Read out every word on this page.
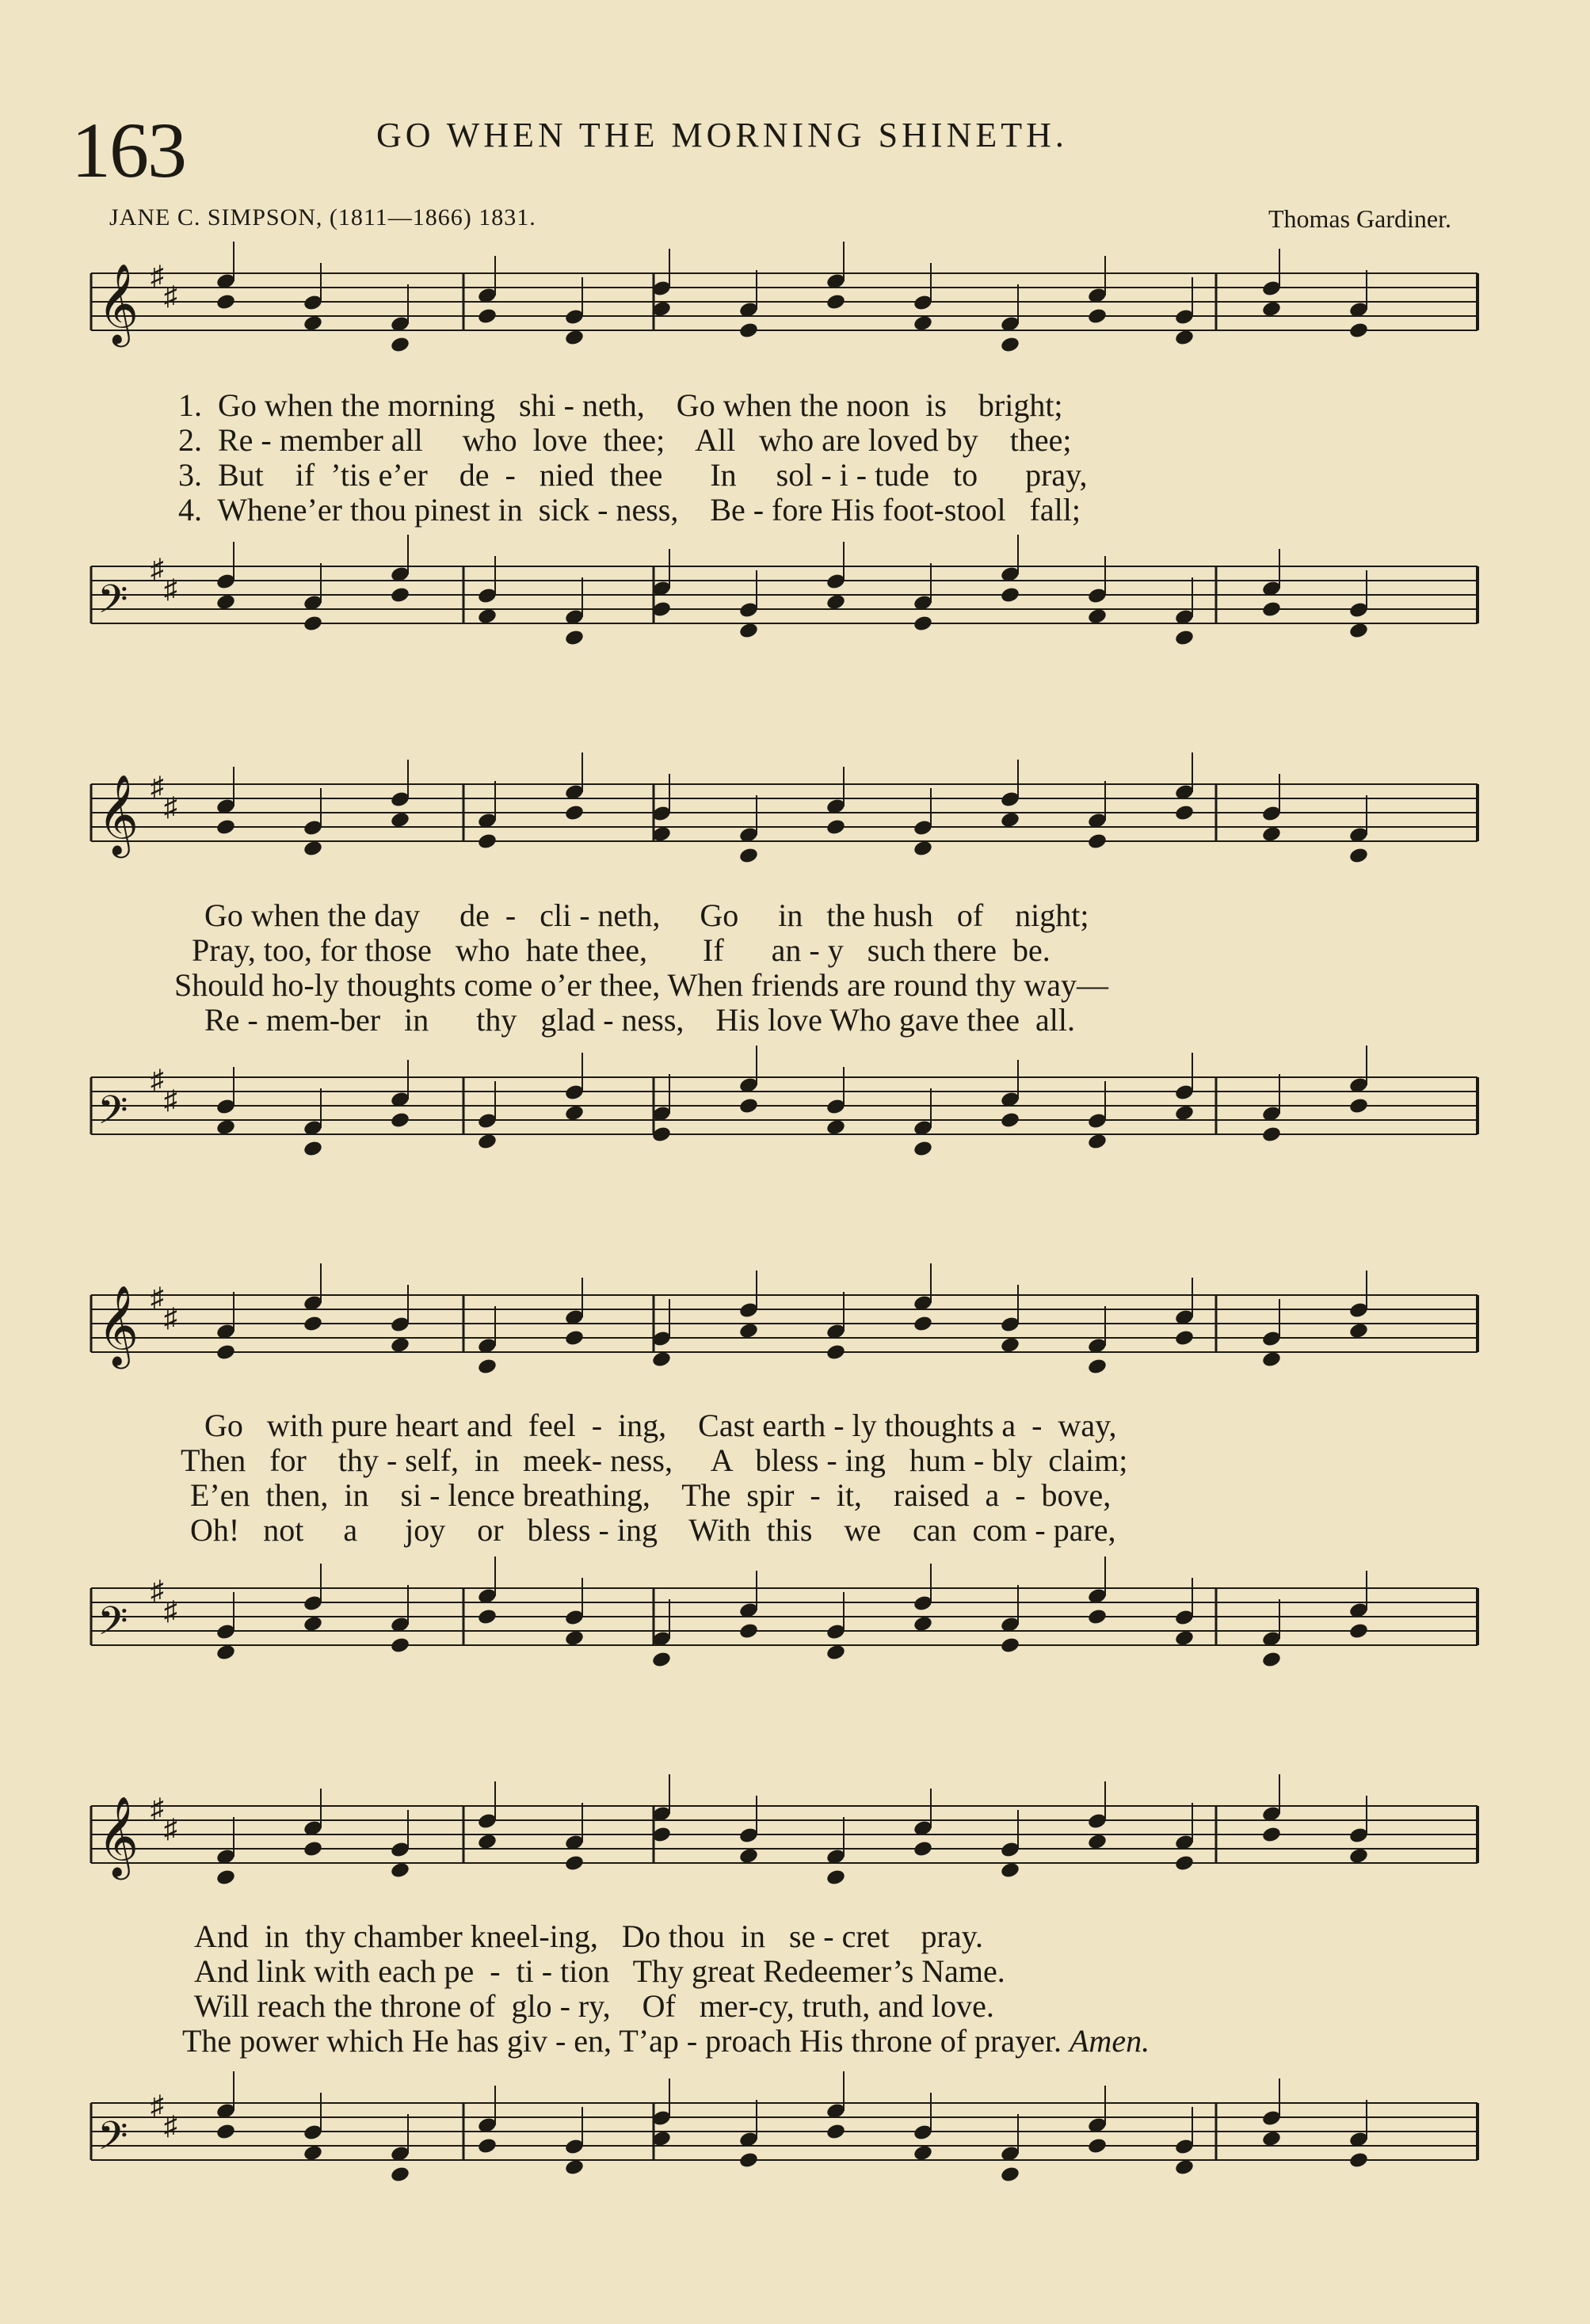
163	GO WHEN THE MORNING SHINETH.
JANE C. SIMPSON, (1811—1866) 1831.	Thomas Gardiner.
𝄞 ♯
♯
1.  Go when the morning   shi - neth,    Go when the noon  is    bright;
2.  Re - member all     who  love  thee;    All   who are loved by    thee;
3.  But    if  ’tis e’er    de  -   nied  thee      In     sol - i - tude   to      pray,
4.  Whene’er thou pinest in  sick - ness,    Be - fore His foot-stool   fall;
𝄢
♯
♯
𝄞 ♯
♯
Go when the day     de  -   cli - neth,     Go     in   the hush   of    night;
Pray, too, for those   who  hate thee,       If      an - y   such there  be.
Should ho-ly thoughts come o’er thee, When friends are round thy way—
Re - mem-ber   in      thy   glad - ness,    His love Who gave thee  all.
𝄢
♯
♯
𝄞 ♯
♯
Go   with pure heart and  feel  -  ing,    Cast earth - ly thoughts a  -  way,
Then   for    thy - self,  in   meek- ness,     A   bless - ing   hum - bly  claim;
E’en  then,  in    si - lence breathing,    The  spir  -  it,    raised  a  -  bove,
Oh!   not     a      joy    or   bless - ing    With  this    we    can  com - pare,
𝄢
♯
♯
𝄞 ♯
♯
And  in  thy chamber kneel-ing,   Do thou  in   se - cret    pray.
And link with each pe  -  ti - tion   Thy great Redeemer’s Name.
Will reach the throne of  glo - ry,    Of   mer-cy, truth, and love.
The power which He has giv - en, T’ap - proach His throne of prayer. Amen.
𝄢
♯
♯
